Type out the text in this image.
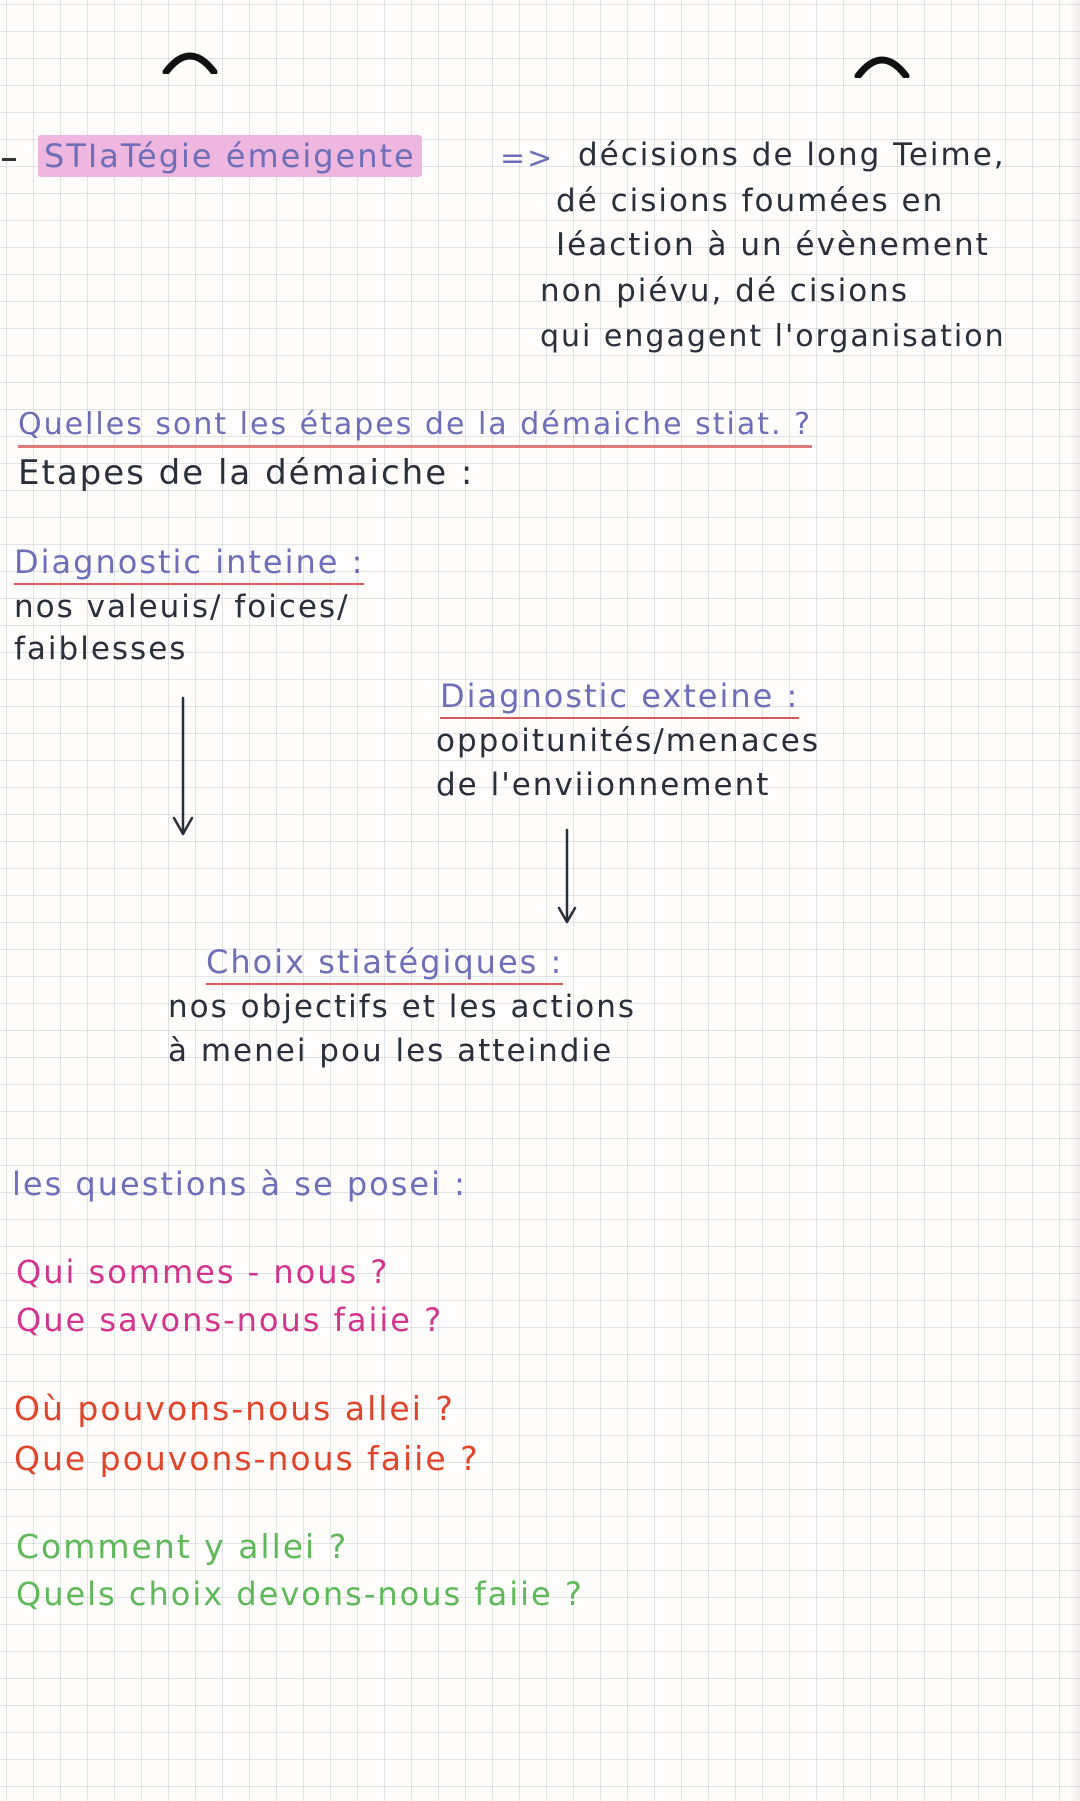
STIaTégie émeigente	=> décisions de long Teime,
dé cisions foumées en
Iéaction à un évènement
non piévu, dé cisions
qui engagent l'organisation
Quelles sont les étapes de la démaiche stiat. ?
Etapes de la démaiche :
Diagnostic inteine :
nos valeuis/ foices/
faiblesses
Diagnostic exteine :
oppoitunités/menaces
de l'enviionnement
Choix stiatégiques :
nos objectifs et les actions
à menei pou les atteindie
les questions à se posei :
Qui sommes - nous ?
Que savons-nous faiie ?
Où pouvons-nous allei ?
Que pouvons-nous faiie ?
Comment y allei ?
Quels choix devons-nous faiie ?
